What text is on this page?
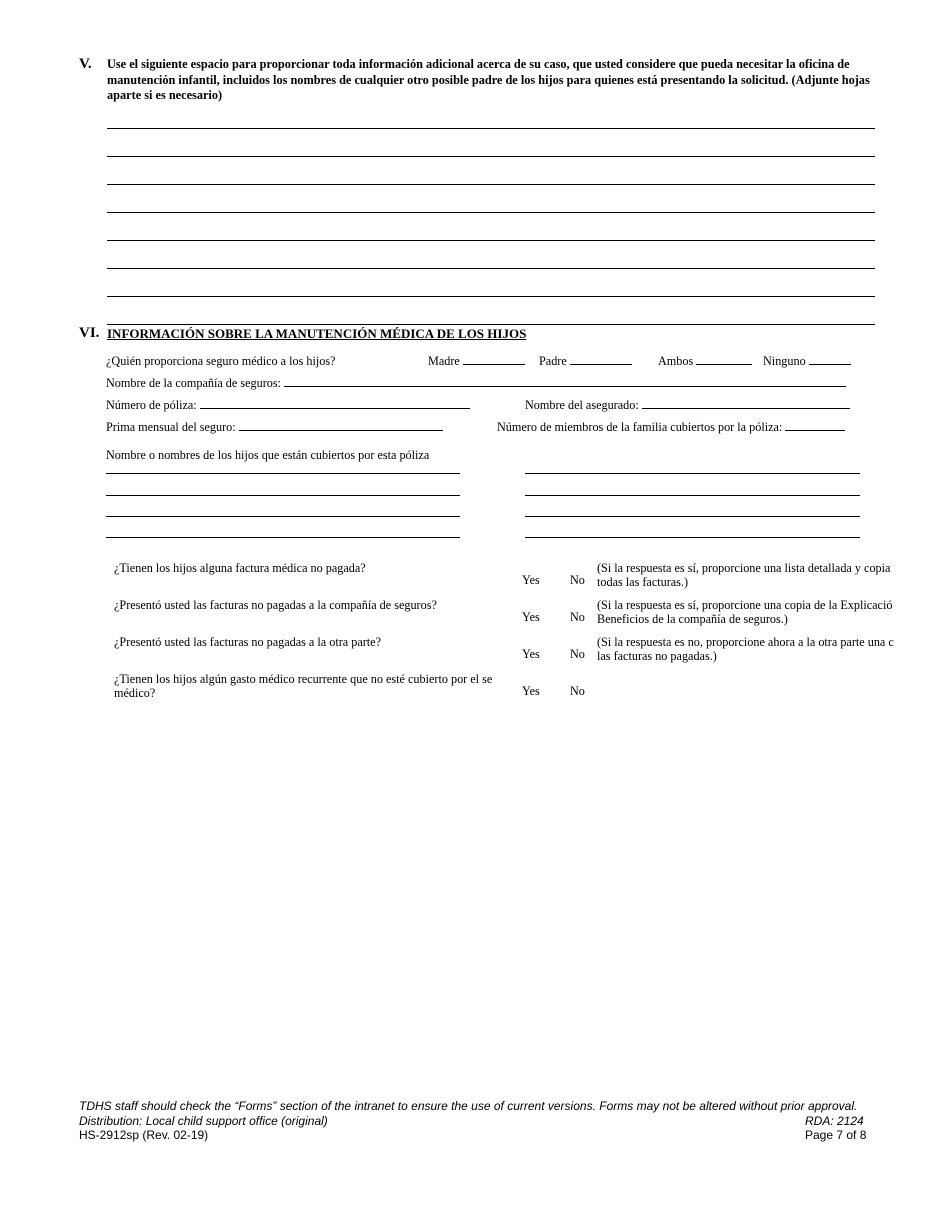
V. Use el siguiente espacio para proporcionar toda información adicional acerca de su caso, que usted considere que pueda necesitar la oficina de manutención infantil, incluidos los nombres de cualquier otro posible padre de los hijos para quienes está presentando la solicitud. (Adjunte hojas aparte si es necesario)
VI. INFORMACIÓN SOBRE LA MANUTENCIÓN MÉDICA DE LOS HIJOS
¿Quién proporciona seguro médico a los hijos?	Madre	Padre	Ambos	Ninguno
Nombre de la compañía de seguros:
Número de póliza:	Nombre del asegurado:
Prima mensual del seguro:	Número de miembros de la familia cubiertos por la póliza:
Nombre o nombres de los hijos que están cubiertos por esta póliza
¿Tienen los hijos alguna factura médica no pagada?
Yes No
(Si la respuesta es sí, proporcione una lista detallada y copia
todas las facturas.)
¿Presentó usted las facturas no pagadas a la compañía de seguros?
Yes No
(Si la respuesta es sí, proporcione una copia de la Explicació
Beneficios de la compañía de seguros.)
¿Presentó usted las facturas no pagadas a la otra parte?
Yes No
(Si la respuesta es no, proporcione ahora a la otra parte una c
las facturas no pagadas.)
¿Tienen los hijos algún gasto médico recurrente que no esté cubierto por el se
médico?	Yes No
TDHS staff should check the “Forms” section of the intranet to ensure the use of current versions. Forms may not be altered without prior approval.
Distribution: Local child support office (original)	RDA: 2124
HS-2912sp (Rev. 02-19)	Page 7 of 8
